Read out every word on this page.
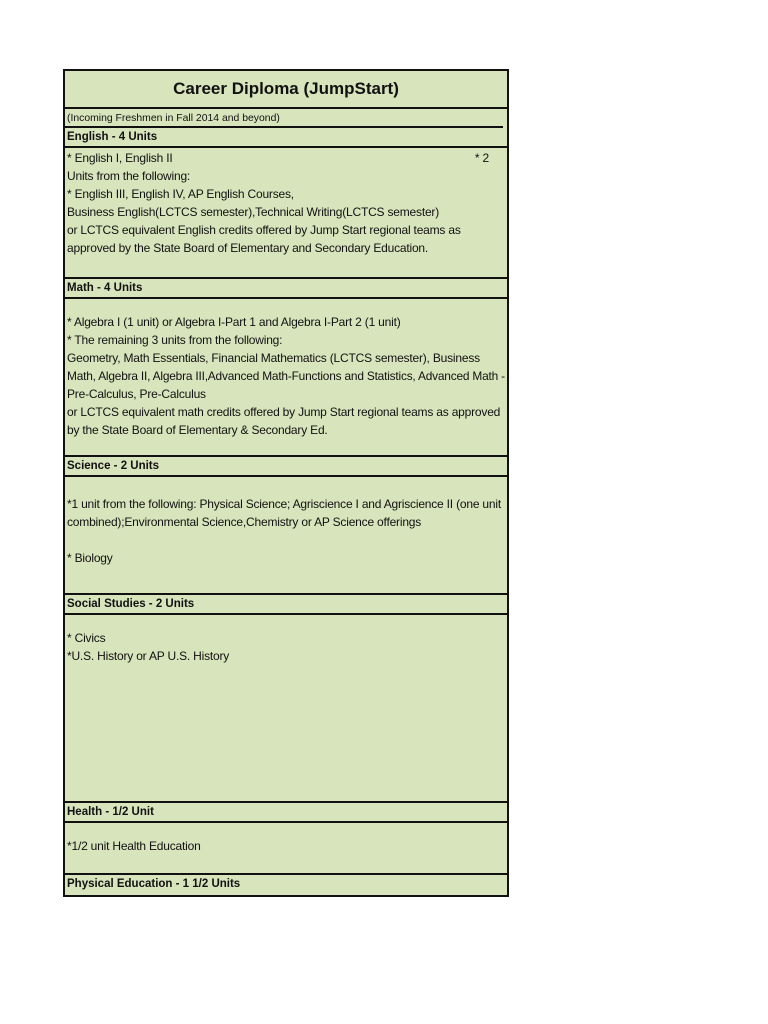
Career Diploma (JumpStart)
(Incoming Freshmen in Fall 2014 and beyond)
English - 4 Units
* English I, English II	* 2
Units from the following:
* English III, English IV, AP English Courses,
Business English(LCTCS semester),Technical Writing(LCTCS semester)
or LCTCS equivalent English credits offered by Jump Start regional teams as
approved by the State Board of Elementary and Secondary Education.
Math - 4 Units
* Algebra I (1 unit) or Algebra I-Part 1 and Algebra I-Part 2 (1 unit)
* The remaining 3 units from the following:
Geometry, Math Essentials, Financial Mathematics (LCTCS semester), Business
Math, Algebra II, Algebra III,Advanced Math-Functions and Statistics, Advanced Math -
Pre-Calculus, Pre-Calculus
or LCTCS equivalent math credits offered by Jump Start regional teams as approved
by the State Board of Elementary & Secondary Ed.
Science - 2 Units
*1 unit from the following: Physical Science; Agriscience I and Agriscience II (one unit
combined);Environmental Science,Chemistry or AP Science offerings
* Biology
Social Studies - 2 Units
* Civics
*U.S. History or AP U.S. History
Health - 1/2 Unit
*1/2 unit Health Education
Physical Education - 1 1/2 Units
